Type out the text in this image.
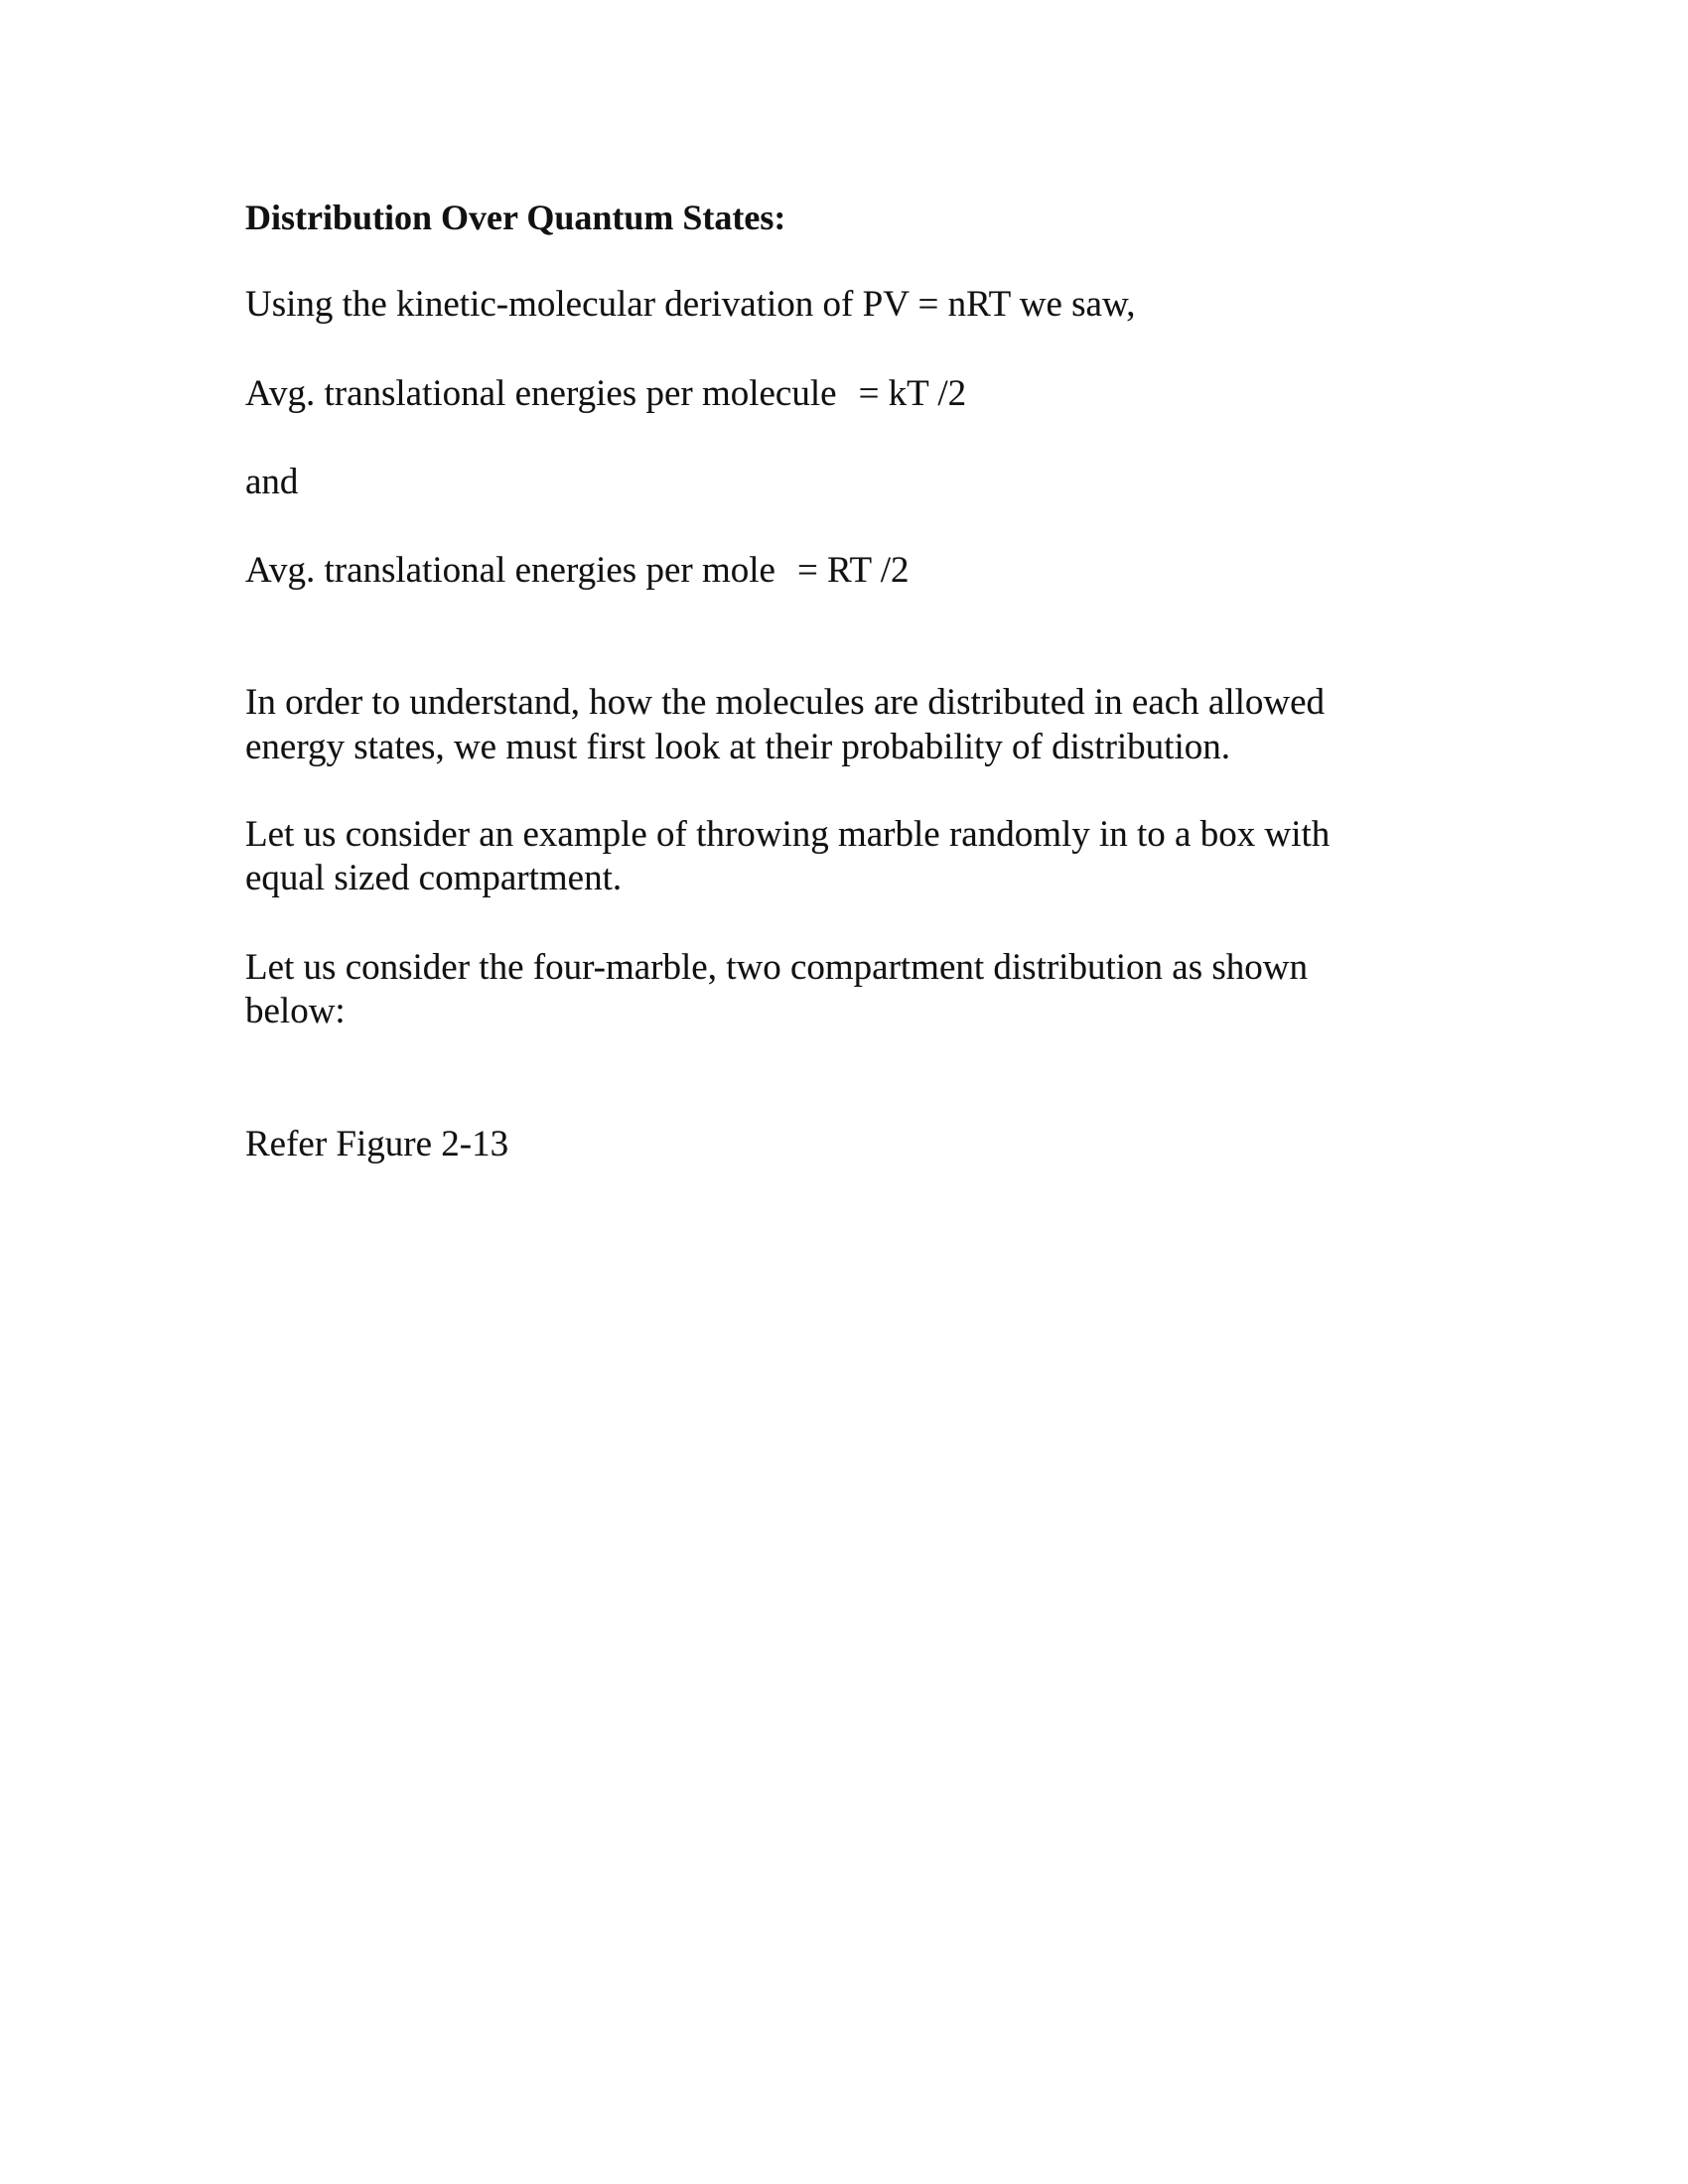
Distribution Over Quantum States:
Using the kinetic-molecular derivation of PV = nRT we saw,
Avg. translational energies per molecule = kT /2
and
Avg. translational energies per mole = RT /2
In order to understand, how the molecules are distributed in each allowed
energy states, we must first look at their probability of distribution.
Let us consider an example of throwing marble randomly in to a box with
equal sized compartment.
Let us consider the four-marble, two compartment distribution as shown
below:
Refer Figure 2-13
